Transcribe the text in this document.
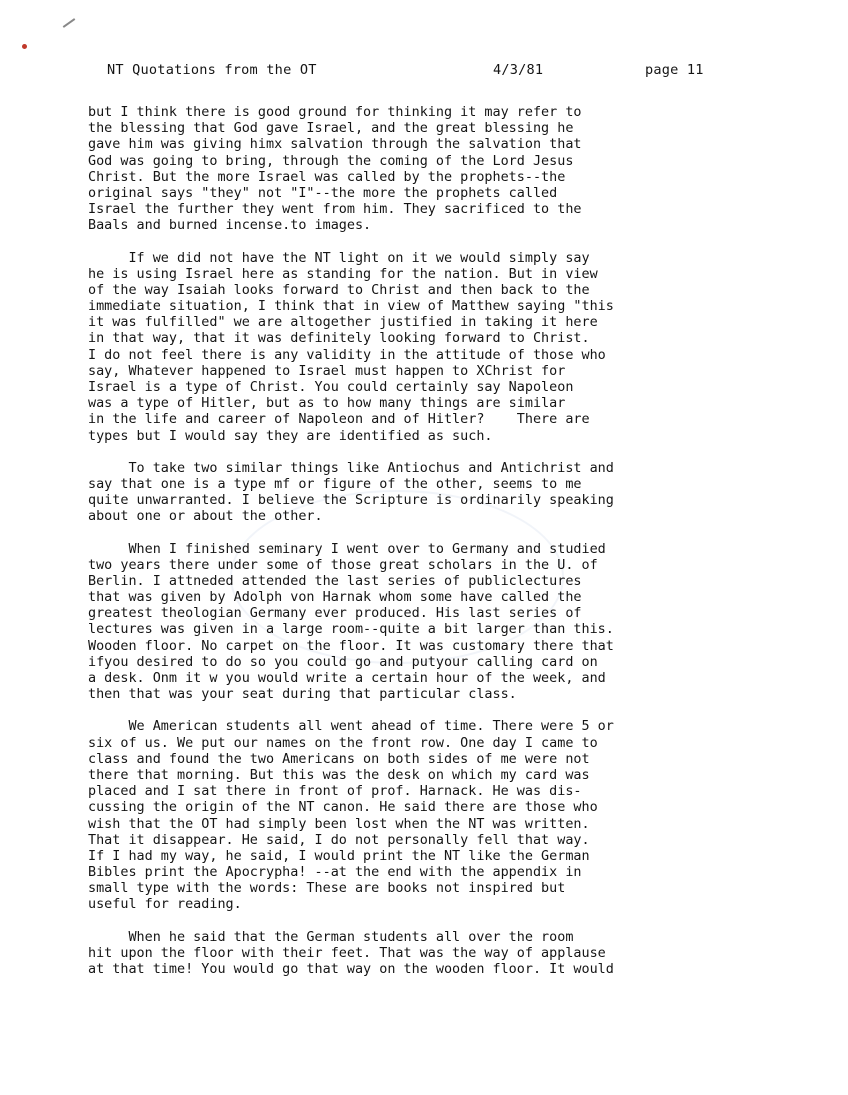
NT Quotations from the OT	4/3/81	page 11
but I think there is good ground for thinking it may refer to
the blessing that God gave Israel, and the great blessing he
gave him was giving himx salvation through the salvation that
God was going to bring, through the coming of the Lord Jesus
Christ. But the more Israel was called by the prophets--the
original says "they" not "I"--the more the prophets called
Israel the further they went from him. They sacrificed to the
Baals and burned incense.to images.
If we did not have the NT light on it we would simply say
he is using Israel here as standing for the nation. But in view
of the way Isaiah looks forward to Christ and then back to the
immediate situation, I think that in view of Matthew saying "this
it was fulfilled" we are altogether justified in taking it here
in that way, that it was definitely looking forward to Christ.
I do not feel there is any validity in the attitude of those who
say, Whatever happened to Israel must happen to XChrist for
Israel is a type of Christ. You could certainly say Napoleon
was a type of Hitler, but as to how many things are similar
in the life and career of Napoleon and of Hitler?    There are
types but I would say they are identified as such.
To take two similar things like Antiochus and Antichrist and
say that one is a type mf or figure of the other, seems to me
quite unwarranted. I believe the Scripture is ordinarily speaking
about one or about the other.
When I finished seminary I went over to Germany and studied
two years there under some of those great scholars in the U. of
Berlin. I attneded attended the last series of publiclectures
that was given by Adolph von Harnak whom some have called the
greatest theologian Germany ever produced. His last series of
lectures was given in a large room--quite a bit larger than this.
Wooden floor. No carpet on the floor. It was customary there that
ifyou desired to do so you could go and putyour calling card on
a desk. Onm it w you would write a certain hour of the week, and
then that was your seat during that particular class.
We American students all went ahead of time. There were 5 or
six of us. We put our names on the front row. One day I came to
class and found the two Americans on both sides of me were not
there that morning. But this was the desk on which my card was
placed and I sat there in front of prof. Harnack. He was dis-
cussing the origin of the NT canon. He said there are those who
wish that the OT had simply been lost when the NT was written.
That it disappear. He said, I do not personally fell that way.
If I had my way, he said, I would print the NT like the German
Bibles print the Apocrypha! --at the end with the appendix in
small type with the words: These are books not inspired but
useful for reading.
When he said that the German students all over the room
hit upon the floor with their feet. That was the way of applause
at that time! You would go that way on the wooden floor. It would
